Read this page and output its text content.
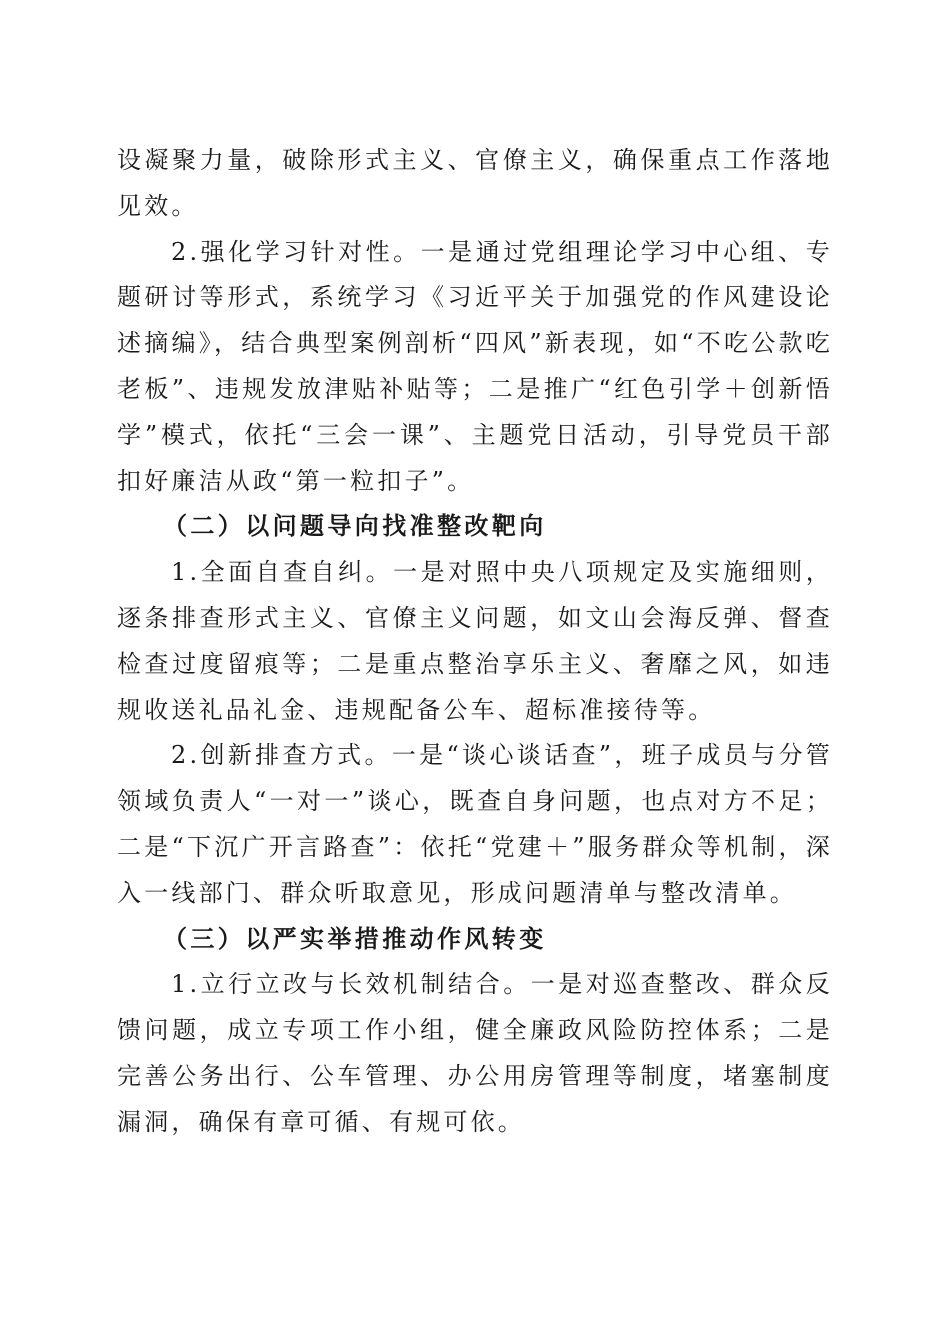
设凝聚力量，破除形式主义、官僚主义，确保重点工作落地见效。

2.强化学习针对性。一是通过党组理论学习中心组、专题研讨等形式，系统学习《习近平关于加强党的作风建设论述摘编》，结合典型案例剖析“四风”新表现，如“不吃公款吃老板”、违规发放津贴补贴等；二是推广“红色引学＋创新悟学”模式，依托“三会一课”、主题党日活动，引导党员干部扣好廉洁从政“第一粒扣子”。

（二）以问题导向找准整改靶向

1.全面自查自纠。一是对照中央八项规定及实施细则，逐条排查形式主义、官僚主义问题，如文山会海反弹、督查检查过度留痕等；二是重点整治享乐主义、奢靡之风，如违规收送礼品礼金、违规配备公车、超标准接待等。

2.创新排查方式。一是“谈心谈话查”，班子成员与分管领域负责人“一对一”谈心，既查自身问题，也点对方不足；二是“下沉广开言路查”：依托“党建＋”服务群众等机制，深入一线部门、群众听取意见，形成问题清单与整改清单。

（三）以严实举措推动作风转变

1.立行立改与长效机制结合。一是对巡查整改、群众反馈问题，成立专项工作小组，健全廉政风险防控体系；二是完善公务出行、公车管理、办公用房管理等制度，堵塞制度漏洞，确保有章可循、有规可依。
